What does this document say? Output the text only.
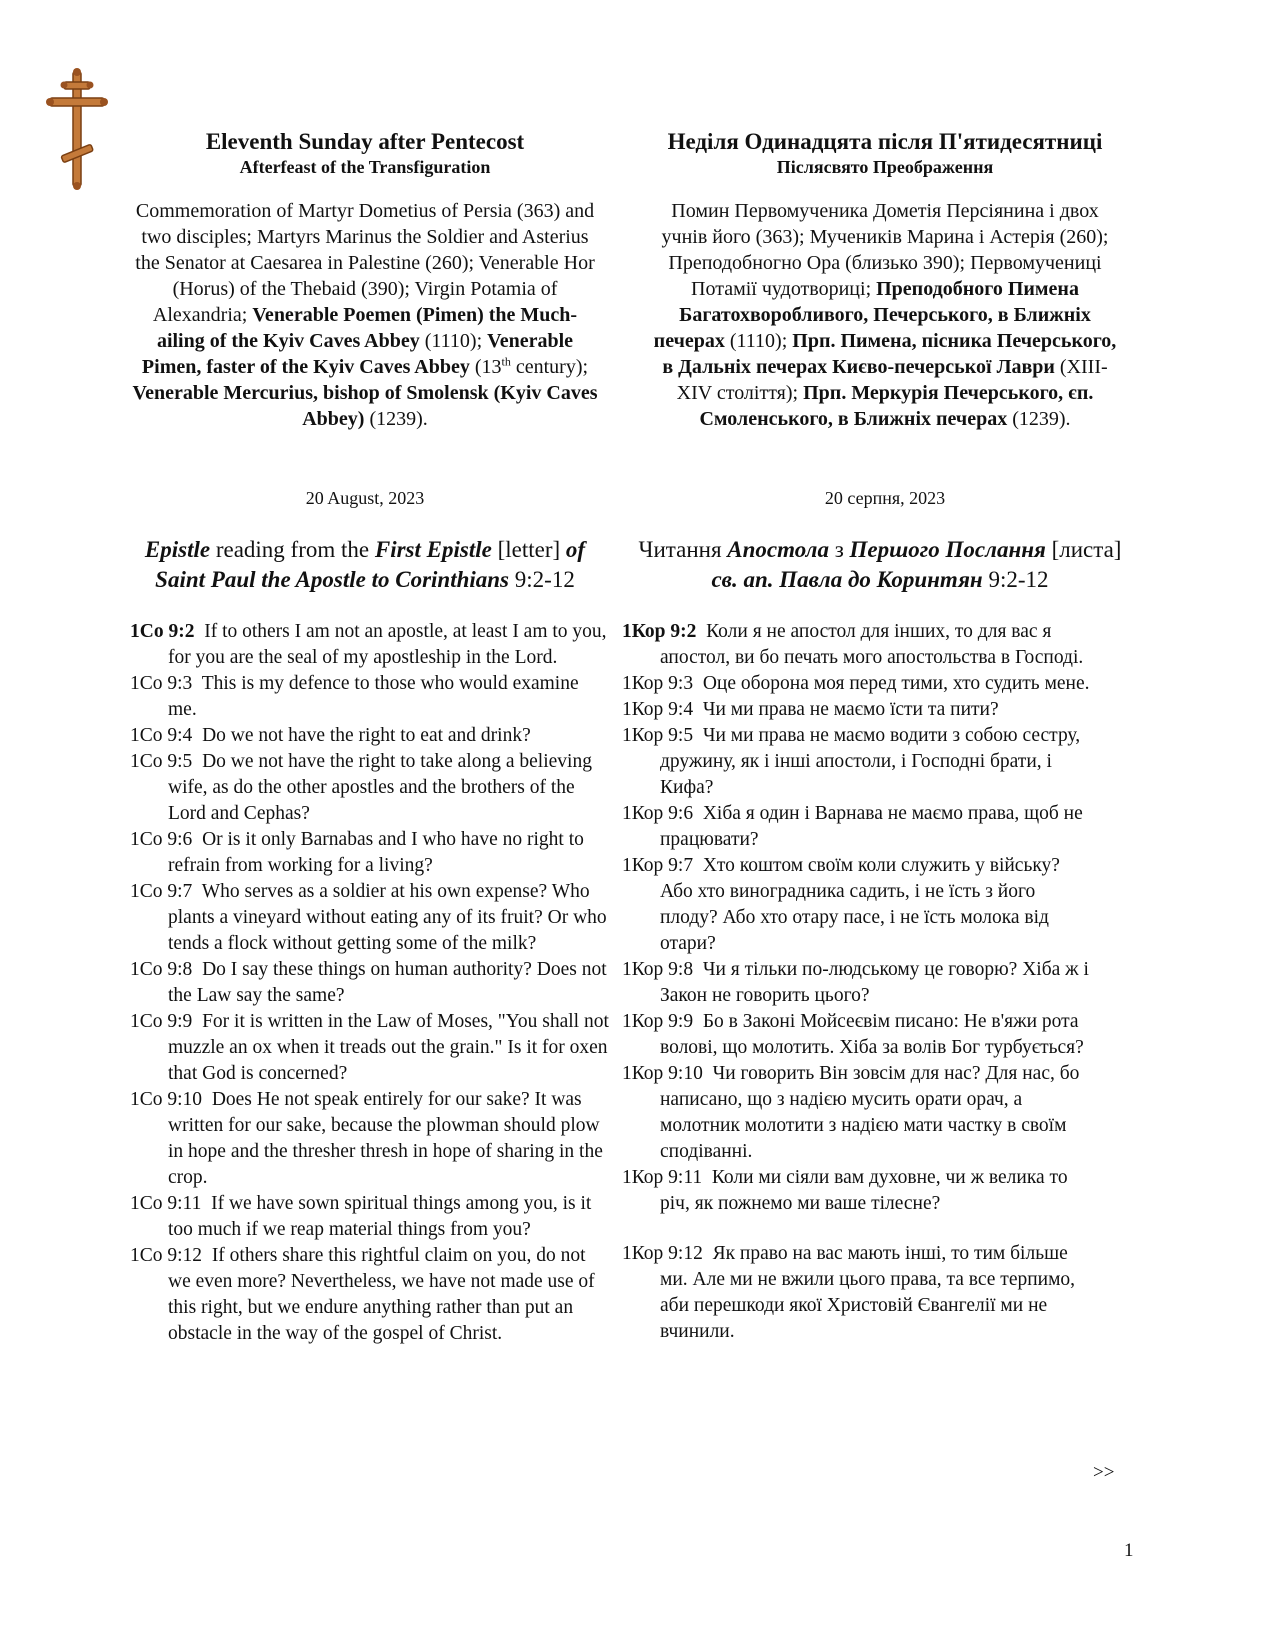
Eleventh Sunday after Pentecost
Afterfeast of the Transfiguration
Commemoration of Martyr Dometius of Persia (363) and two disciples; Martyrs Marinus the Soldier and Asterius the Senator at Caesarea in Palestine (260); Venerable Hor (Horus) of the Thebaid (390); Virgin Potamia of Alexandria; Venerable Poemen (Pimen) the Much-ailing of the Kyiv Caves Abbey (1110); Venerable Pimen, faster of the Kyiv Caves Abbey (13th century); Venerable Mercurius, bishop of Smolensk (Kyiv Caves Abbey) (1239).
20 August, 2023
Epistle reading from the First Epistle [letter] of Saint Paul the Apostle to Corinthians 9:2-12
1Co 9:2  If to others I am not an apostle, at least I am to you, for you are the seal of my apostleship in the Lord.
1Co 9:3  This is my defence to those who would examine me.
1Co 9:4  Do we not have the right to eat and drink?
1Co 9:5  Do we not have the right to take along a believing wife, as do the other apostles and the brothers of the Lord and Cephas?
1Co 9:6  Or is it only Barnabas and I who have no right to refrain from working for a living?
1Co 9:7  Who serves as a soldier at his own expense? Who plants a vineyard without eating any of its fruit? Or who tends a flock without getting some of the milk?
1Co 9:8  Do I say these things on human authority? Does not the Law say the same?
1Co 9:9  For it is written in the Law of Moses, "You shall not muzzle an ox when it treads out the grain." Is it for oxen that God is concerned?
1Co 9:10  Does He not speak entirely for our sake? It was written for our sake, because the plowman should plow in hope and the thresher thresh in hope of sharing in the crop.
1Co 9:11  If we have sown spiritual things among you, is it too much if we reap material things from you?
1Co 9:12  If others share this rightful claim on you, do not we even more? Nevertheless, we have not made use of this right, but we endure anything rather than put an obstacle in the way of the gospel of Christ.
Неділя Одинадцята після П'ятидесятниці
Післясвято Преображення
Помин Первомученика Дометія Персіянина і двох учнів його (363); Мучеників Марина і Астерія (260); Преподобногно Ора (близько 390); Первомучениці Потамії чудотвориці; Преподобного Пимена Багатохворобливого, Печерського, в Ближніх печерах (1110); Прп. Пимена, пісника Печерського, в Дальніх печерах Києво-печерської Лаври (XIII-XIV століття); Прп. Меркурія Печерського, єп. Смоленського, в Ближніх печерах (1239).
20 серпня, 2023
Читання Апостола з Першого Послання [листа] св. ап. Павла до Коринтян 9:2-12
1Кор 9:2  Коли я не апостол для інших, то для вас я апостол, ви бо печать мого апостольства в Господі.
1Кор 9:3  Оце оборона моя перед тими, хто судить мене.
1Кор 9:4  Чи ми права не маємо їсти та пити?
1Кор 9:5  Чи ми права не маємо водити з собою сестру, дружину, як і інші апостоли, і Господні брати, і Кифа?
1Кор 9:6  Хіба я один і Варнава не маємо права, щоб не працювати?
1Кор 9:7  Хто коштом своїм коли служить у війську? Або хто виноградника садить, і не їсть з його плоду? Або хто отару пасе, і не їсть молока від отари?
1Кор 9:8  Чи я тільки по-людському це говорю? Хіба ж і Закон не говорить цього?
1Кор 9:9  Бо в Законі Мойсеєвім писано: Не в'яжи рота волові, що молотить. Хіба за волів Бог турбується?
1Кор 9:10  Чи говорить Він зовсім для нас? Для нас, бо написано, що з надією мусить орати орач, а молотник молотити з надією мати частку в своїм сподіванні.
1Кор 9:11  Коли ми сіяли вам духовне, чи ж велика то річ, як пожнемо ми ваше тілесне?
1Кор 9:12  Як право на вас мають інші, то тим більше ми. Але ми не вжили цього права, та все терпимо, аби перешкоди якої Христовій Євангелії ми не вчинили.
>>
1
